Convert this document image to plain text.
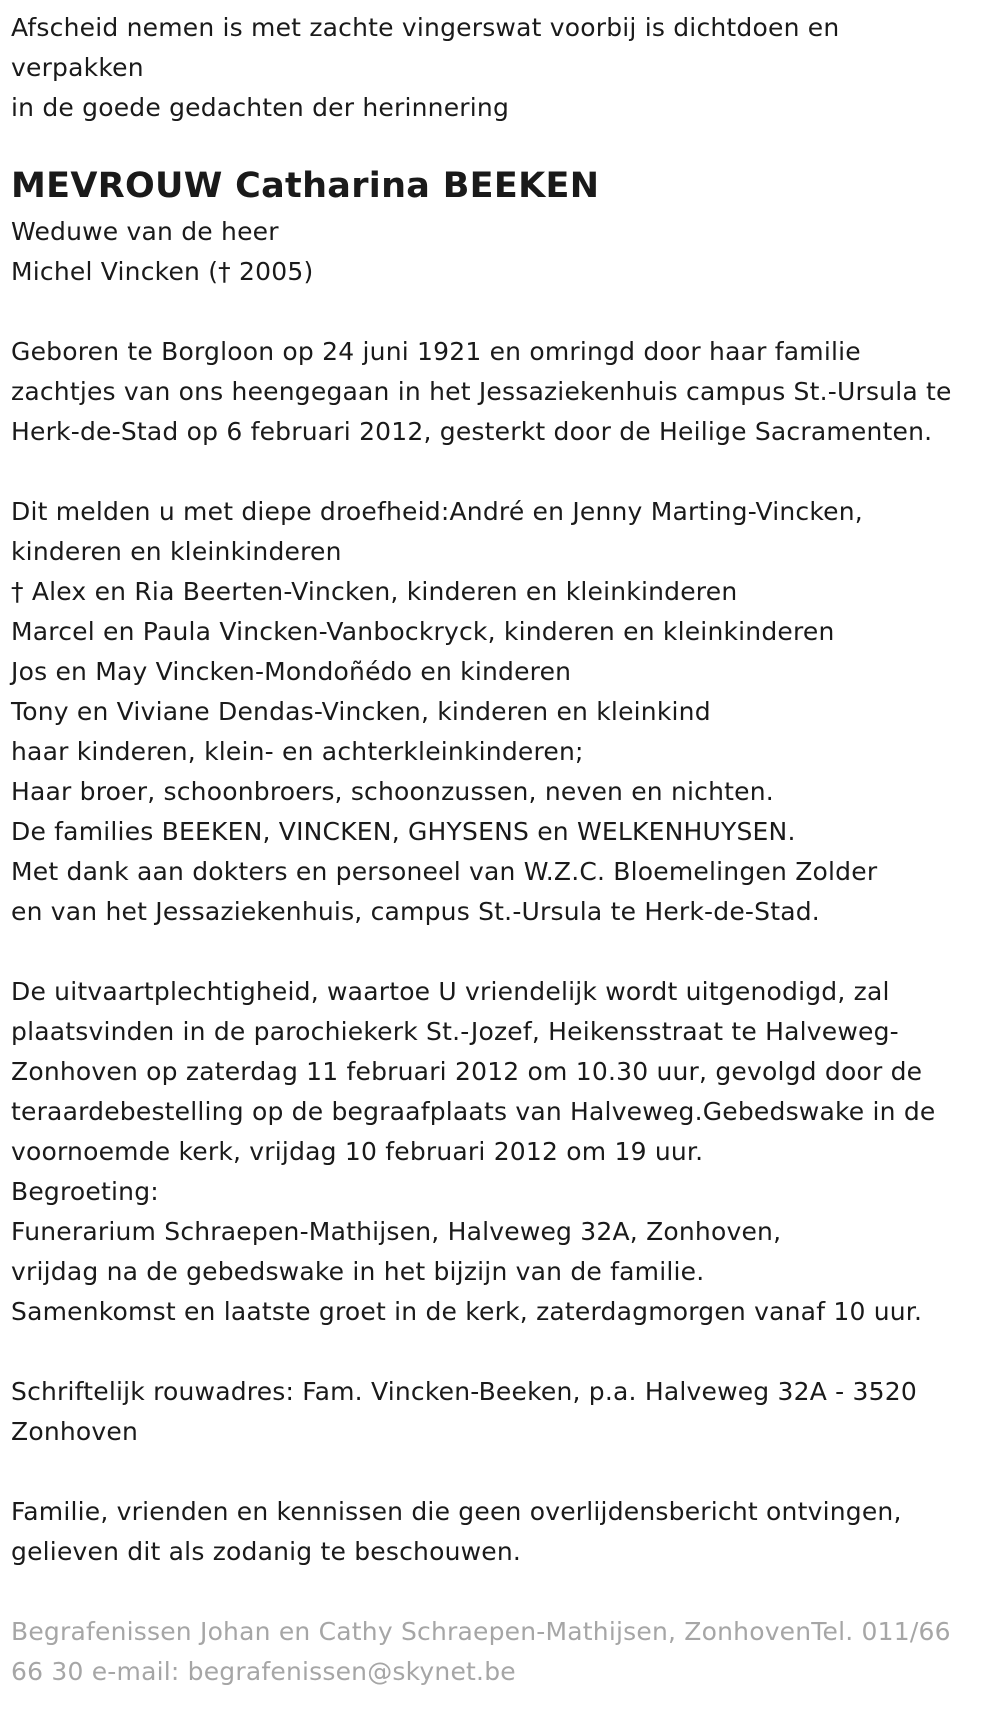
Afscheid nemen is met zachte vingerswat voorbij is dichtdoen en
verpakken
in de goede gedachten der herinnering
MEVROUW Catharina BEEKEN
Weduwe van de heer
Michel Vincken († 2005)
Geboren te Borgloon op 24 juni 1921 en omringd door haar familie
zachtjes van ons heengegaan in het Jessaziekenhuis campus St.-Ursula te
Herk-de-Stad op 6 februari 2012, gesterkt door de Heilige Sacramenten.
Dit melden u met diepe droefheid:André en Jenny Marting-Vincken,
kinderen en kleinkinderen
† Alex en Ria Beerten-Vincken, kinderen en kleinkinderen
Marcel en Paula Vincken-Vanbockryck, kinderen en kleinkinderen
Jos en May Vincken-Mondoñédo en kinderen
Tony en Viviane Dendas-Vincken, kinderen en kleinkind
haar kinderen, klein- en achterkleinkinderen;
Haar broer, schoonbroers, schoonzussen, neven en nichten.
De families BEEKEN, VINCKEN, GHYSENS en WELKENHUYSEN.
Met dank aan dokters en personeel van W.Z.C. Bloemelingen Zolder
en van het Jessaziekenhuis, campus St.-Ursula te Herk-de-Stad.
De uitvaartplechtigheid, waartoe U vriendelijk wordt uitgenodigd, zal
plaatsvinden in de parochiekerk St.-Jozef, Heikensstraat te Halveweg-
Zonhoven op zaterdag 11 februari 2012 om 10.30 uur, gevolgd door de
teraardebestelling op de begraafplaats van Halveweg.Gebedswake in de
voornoemde kerk, vrijdag 10 februari 2012 om 19 uur.
Begroeting:
Funerarium Schraepen-Mathijsen, Halveweg 32A, Zonhoven,
vrijdag na de gebedswake in het bijzijn van de familie.
Samenkomst en laatste groet in de kerk, zaterdagmorgen vanaf 10 uur.
Schriftelijk rouwadres: Fam. Vincken-Beeken, p.a. Halveweg 32A - 3520
Zonhoven
Familie, vrienden en kennissen die geen overlijdensbericht ontvingen,
gelieven dit als zodanig te beschouwen.
Begrafenissen Johan en Cathy Schraepen-Mathijsen, ZonhovenTel. 011/66
66 30 e-mail: begrafenissen@skynet.be
